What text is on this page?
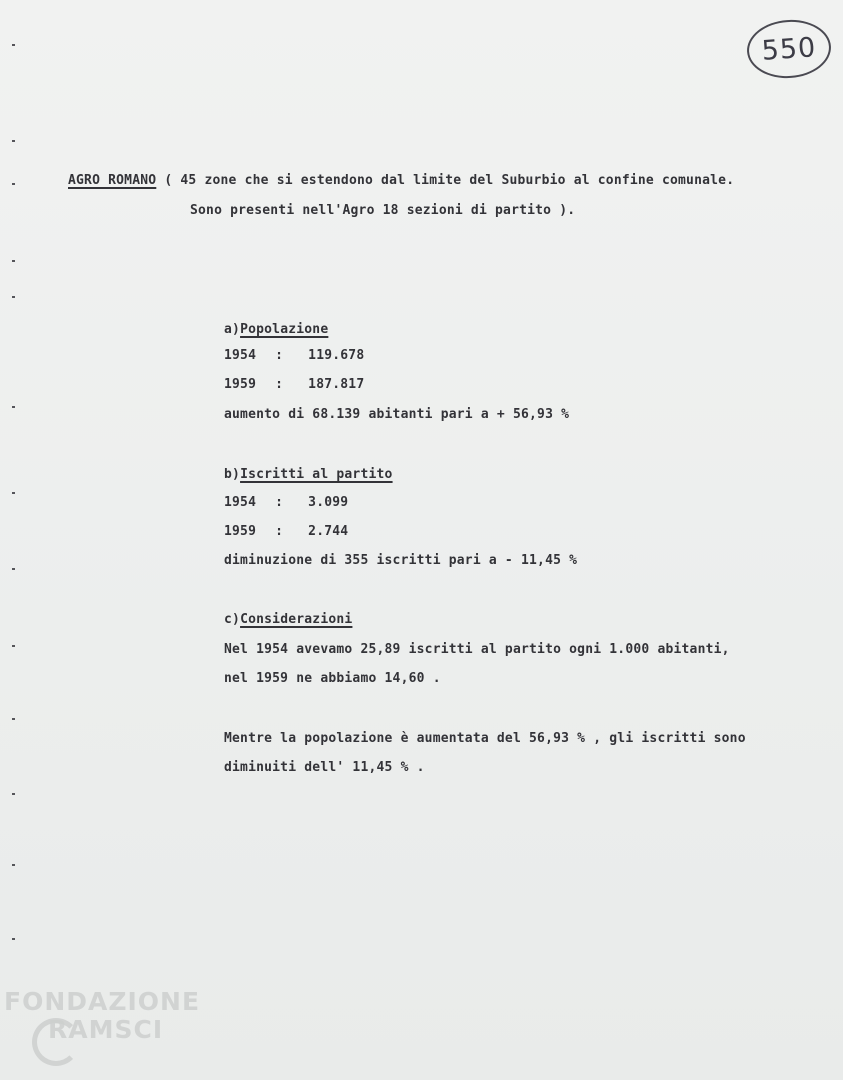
550
AGRO ROMANO ( 45 zone che si estendono dal limite del Suburbio al confine comunale.
Sono presenti nell'Agro 18 sezioni di partito ).
a)Popolazione
1954 : 119.678
1959 : 187.817
aumento di 68.139 abitanti pari a + 56,93 %
b)Iscritti al partito
1954 : 3.099
1959 : 2.744
diminuzione di 355 iscritti pari a - 11,45 %
c)Considerazioni
Nel 1954 avevamo 25,89 iscritti al partito ogni 1.000 abitanti,
nel 1959 ne abbiamo 14,60 .
Mentre la popolazione è aumentata del 56,93 % , gli iscritti sono
diminuiti dell' 11,45 % .
FONDAZIONE
RAMSCI
